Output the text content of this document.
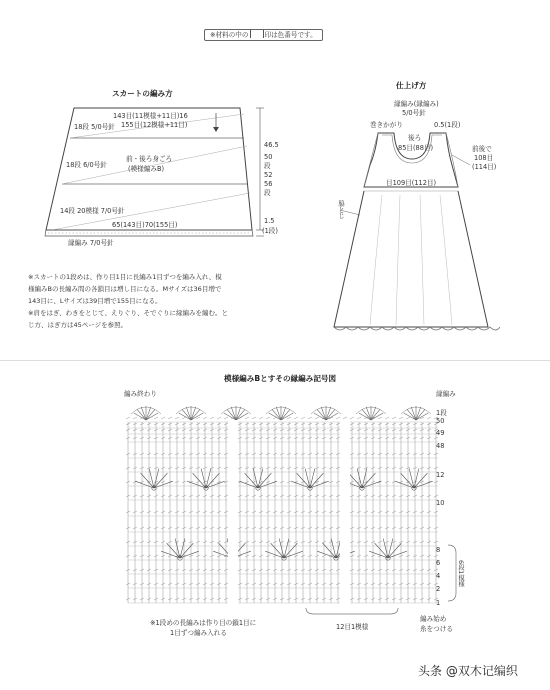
※材料の中の 印は色番号です。
スカートの編み方
143目(11模様+11目)16
155目(12模様+11目)
18段 5/0号針
前・後ろ身ごろ
(模様編みB)
18段 6/0号針
14段 20模様 7/0号針
65(143目)70(155目)
縁編み 7/0号針
46.5
50
段
52
56
段
1.5
(1段)
仕上げ方
縁編み(縁編み)
5/0号針
巻きかがり	0.5(1段)
後ろ
85目(88目)	前後で
108目
(114目)
目109目(112目)
脇とじ

※スカートの1段めは、作り目1目に長編み1目ずつを編み入れ、模

様編みBの長編み間の各鎖目は増し目になる。Mサイズは36目増で

143目に、Lサイズは39目増で155目になる。

※肩をはぎ、わきをとじて、えりぐり、そでぐりに縁編みを編む。と

じ方、はぎ方は45ページを参照。

模様編みBとすその縁編み記号図
編み終わり	縁編み
1段
50
49
48
12
10
8
6
4
2
1
6段1模様
※1段めの長編みは作り目の鎖1目に
1目ずつ編み入れる
12目1模様
編み始め
糸をつける
头条 @双木记编织
